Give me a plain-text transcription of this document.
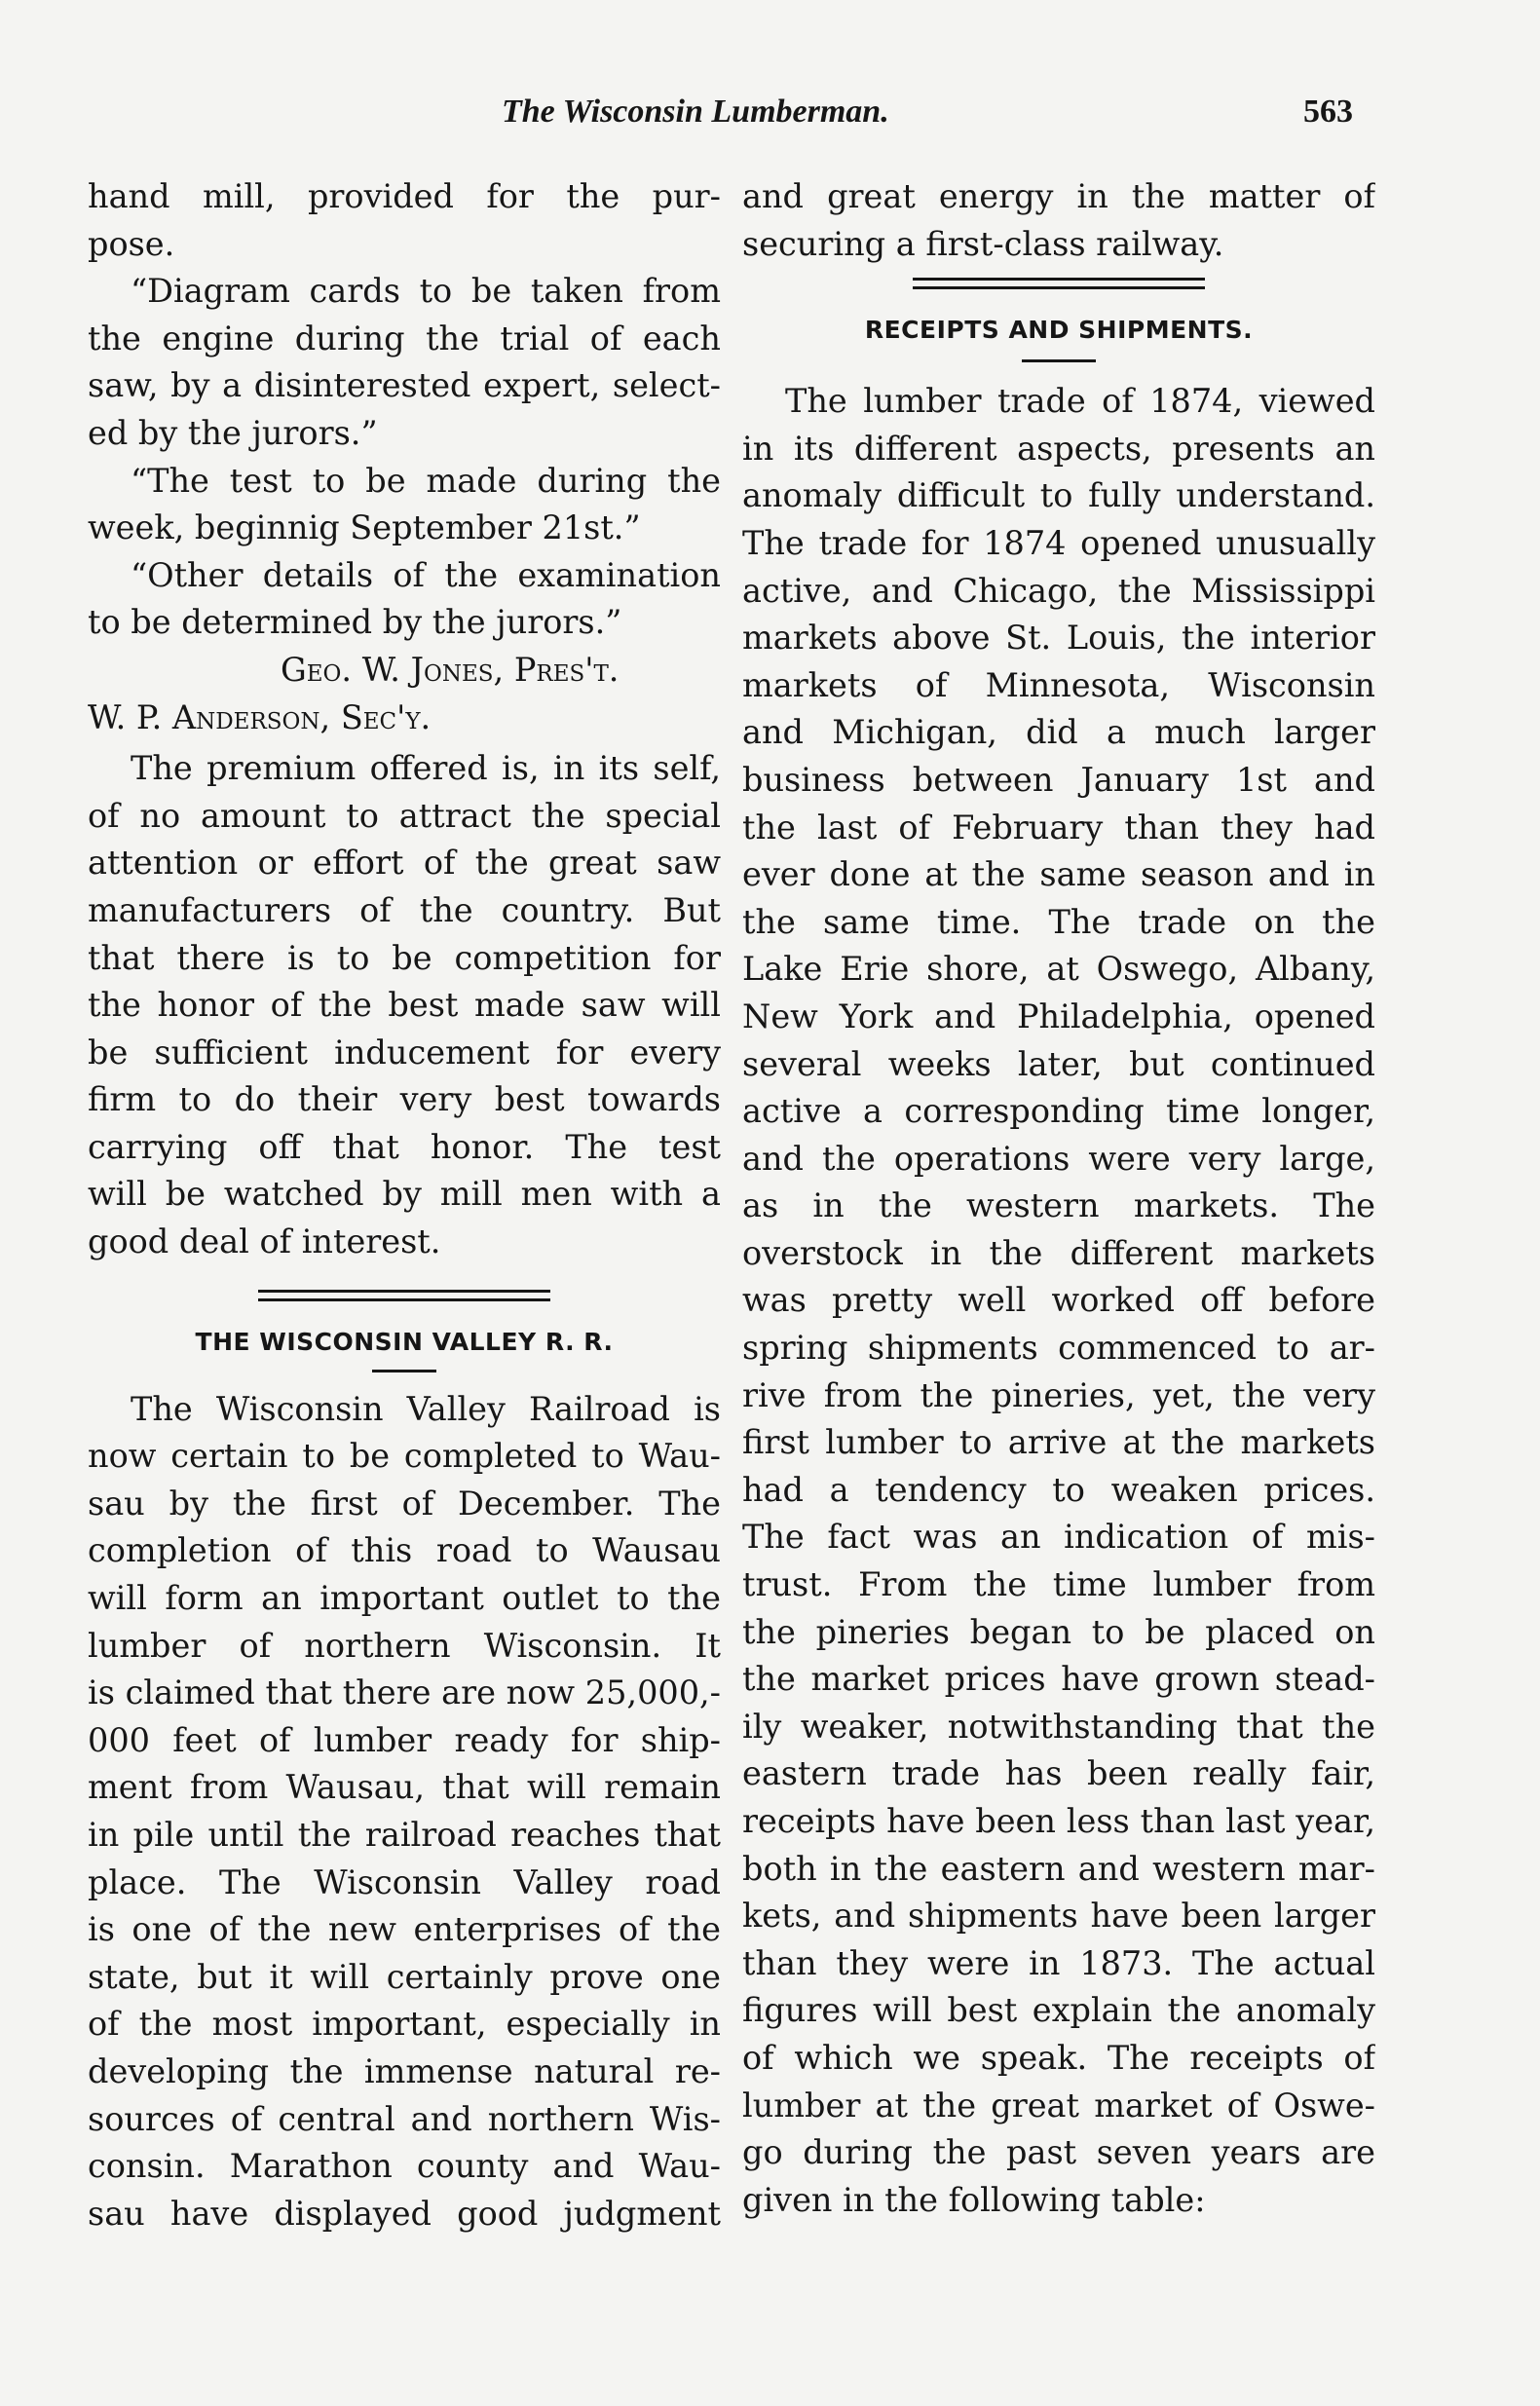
The Wisconsin Lumberman.	563
hand mill, provided for the pur-
pose.
“Diagram cards to be taken from
the engine during the trial of each
saw, by a disinterested expert, select-
ed by the jurors.”
“The test to be made during the
week, beginnig September 21st.”
“Other details of the examination
to be determined by the jurors.”
Geo. W. Jones, Pres't.
W. P. Anderson, Sec'y.
The premium offered is, in its self,
of no amount to attract the special
attention or effort of the great saw
manufacturers of the country. But
that there is to be competition for
the honor of the best made saw will
be sufficient inducement for every
firm to do their very best towards
carrying off that honor. The test
will be watched by mill men with a
good deal of interest.
THE WISCONSIN VALLEY R. R.
The Wisconsin Valley Railroad is
now certain to be completed to Wau-
sau by the first of December. The
completion of this road to Wausau
will form an important outlet to the
lumber of northern Wisconsin. It
is claimed that there are now 25,000,-
000 feet of lumber ready for ship-
ment from Wausau, that will remain
in pile until the railroad reaches that
place. The Wisconsin Valley road
is one of the new enterprises of the
state, but it will certainly prove one
of the most important, especially in
developing the immense natural re-
sources of central and northern Wis-
consin. Marathon county and Wau-
sau have displayed good judgment
and great energy in the matter of
securing a first-class railway.
RECEIPTS AND SHIPMENTS.
The lumber trade of 1874, viewed
in its different aspects, presents an
anomaly difficult to fully understand.
The trade for 1874 opened unusually
active, and Chicago, the Mississippi
markets above St. Louis, the interior
markets of Minnesota, Wisconsin
and Michigan, did a much larger
business between January 1st and
the last of February than they had
ever done at the same season and in
the same time. The trade on the
Lake Erie shore, at Oswego, Albany,
New York and Philadelphia, opened
several weeks later, but continued
active a corresponding time longer,
and the operations were very large,
as in the western markets. The
overstock in the different markets
was pretty well worked off before
spring shipments commenced to ar-
rive from the pineries, yet, the very
first lumber to arrive at the markets
had a tendency to weaken prices.
The fact was an indication of mis-
trust. From the time lumber from
the pineries began to be placed on
the market prices have grown stead-
ily weaker, notwithstanding that the
eastern trade has been really fair,
receipts have been less than last year,
both in the eastern and western mar-
kets, and shipments have been larger
than they were in 1873. The actual
figures will best explain the anomaly
of which we speak. The receipts of
lumber at the great market of Oswe-
go during the past seven years are
given in the following table:
